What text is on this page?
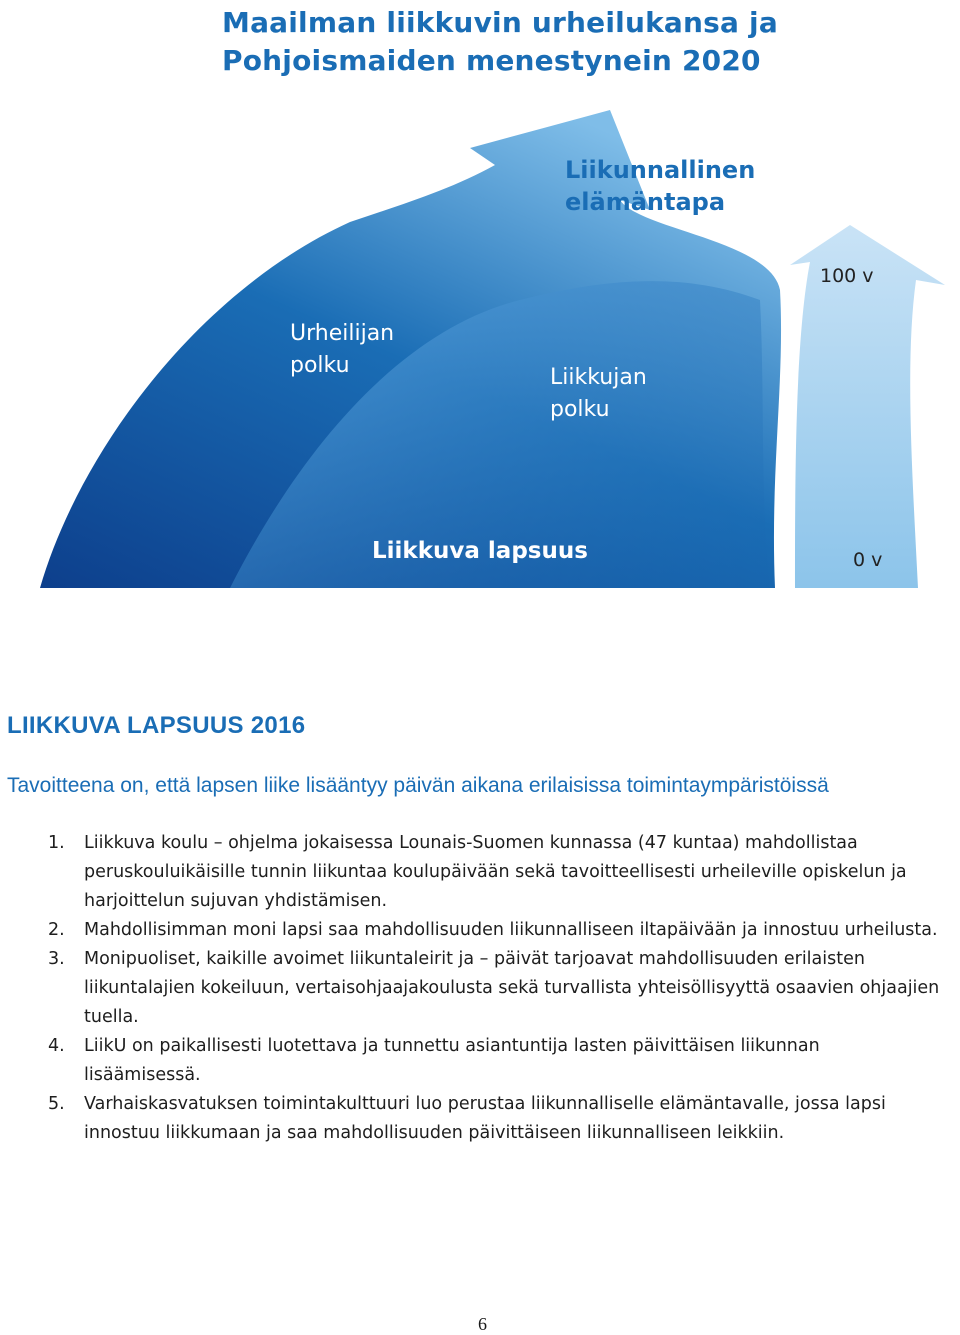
Maailman liikkuvin urheilukansa ja
Pohjoismaiden menestynein 2020

Liikunnallinen
elämäntapa

100 v

Urheilijan
polku	Liikkujan
polku

Liikkuva lapsuus	0 v

LIIKKUVA LAPSUUS 2016

Tavoitteena on, että lapsen liike lisääntyy päivän aikana erilaisissa toimintaympäristöissä

1. Liikkuva koulu – ohjelma jokaisessa Lounais-Suomen kunnassa (47 kuntaa) mahdollistaa peruskouluikäisille tunnin liikuntaa koulupäivään sekä tavoitteellisesti urheileville opiskelun ja harjoittelun sujuvan yhdistämisen.
2. Mahdollisimman moni lapsi saa mahdollisuuden liikunnalliseen iltapäivään ja innostuu urheilusta.
3. Monipuoliset, kaikille avoimet liikuntaleirit ja – päivät tarjoavat mahdollisuuden erilaisten liikuntalajien kokeiluun, vertaisohjaajakoulusta sekä turvallista yhteisöllisyyttä osaavien ohjaajien tuella.
4. LiikU on paikallisesti luotettava ja tunnettu asiantuntija lasten päivittäisen liikunnan lisäämisessä.
5. Varhaiskasvatuksen toimintakulttuuri luo perustaa liikunnalliselle elämäntavalle, jossa lapsi innostuu liikkumaan ja saa mahdollisuuden päivittäiseen liikunnalliseen leikkiin.

6
